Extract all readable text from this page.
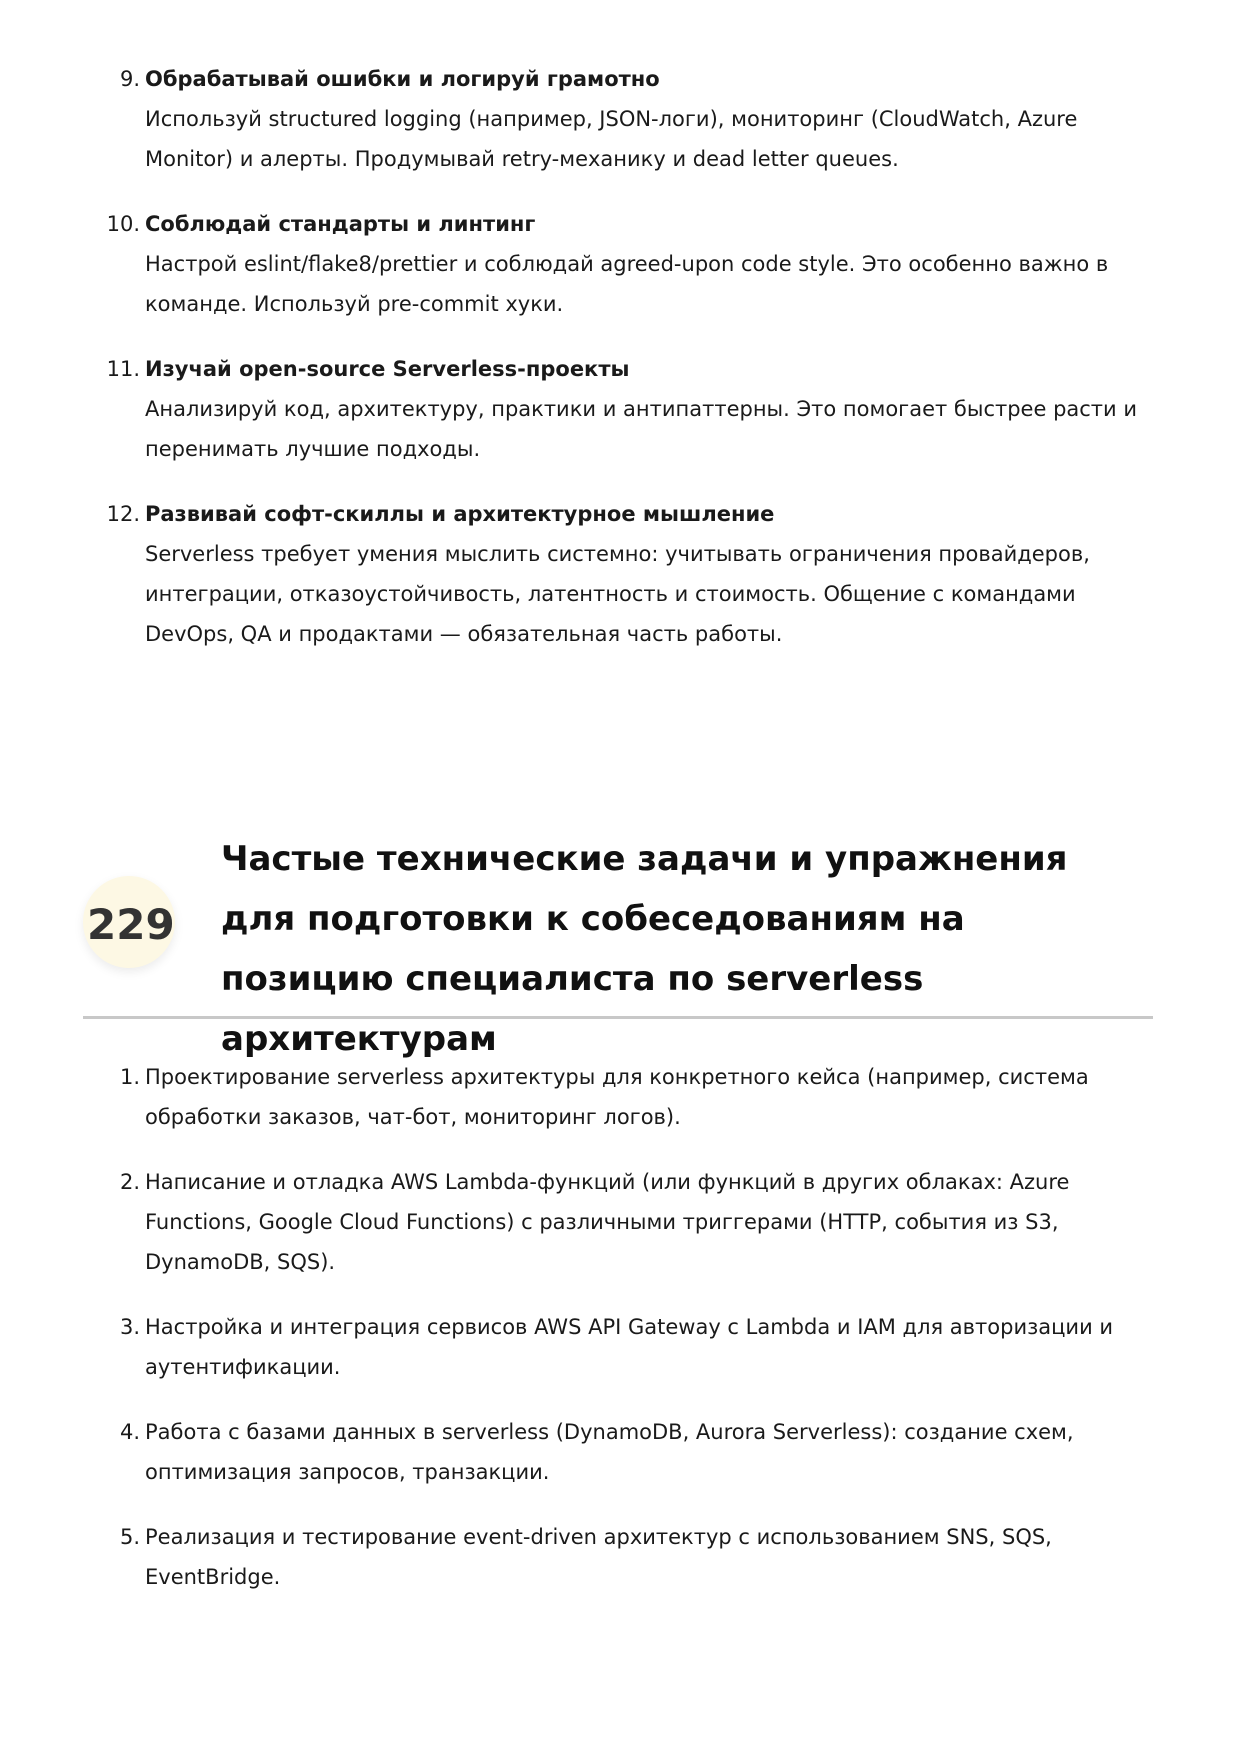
9. Обрабатывай ошибки и логируй грамотно
Используй structured logging (например, JSON-логи), мониторинг (CloudWatch, Azure Monitor) и алерты. Продумывай retry-механику и dead letter queues.
10. Соблюдай стандарты и линтинг
Настрой eslint/flake8/prettier и соблюдай agreed-upon code style. Это особенно важно в команде. Используй pre-commit хуки.
11. Изучай open-source Serverless-проекты
Анализируй код, архитектуру, практики и антипаттерны. Это помогает быстрее расти и перенимать лучшие подходы.
12. Развивай софт-скиллы и архитектурное мышление
Serverless требует умения мыслить системно: учитывать ограничения провайдеров, интеграции, отказоустойчивость, латентность и стоимость. Общение с командами DevOps, QA и продактами — обязательная часть работы.
229
Частые технические задачи и упражнения для подготовки к собеседованиям на позицию специалиста по serverless архитектурам
1. Проектирование serverless архитектуры для конкретного кейса (например, система обработки заказов, чат-бот, мониторинг логов).
2. Написание и отладка AWS Lambda-функций (или функций в других облаках: Azure Functions, Google Cloud Functions) с различными триггерами (HTTP, события из S3, DynamoDB, SQS).
3. Настройка и интеграция сервисов AWS API Gateway с Lambda и IAM для авторизации и аутентификации.
4. Работа с базами данных в serverless (DynamoDB, Aurora Serverless): создание схем, оптимизация запросов, транзакции.
5. Реализация и тестирование event-driven архитектур с использованием SNS, SQS, EventBridge.
